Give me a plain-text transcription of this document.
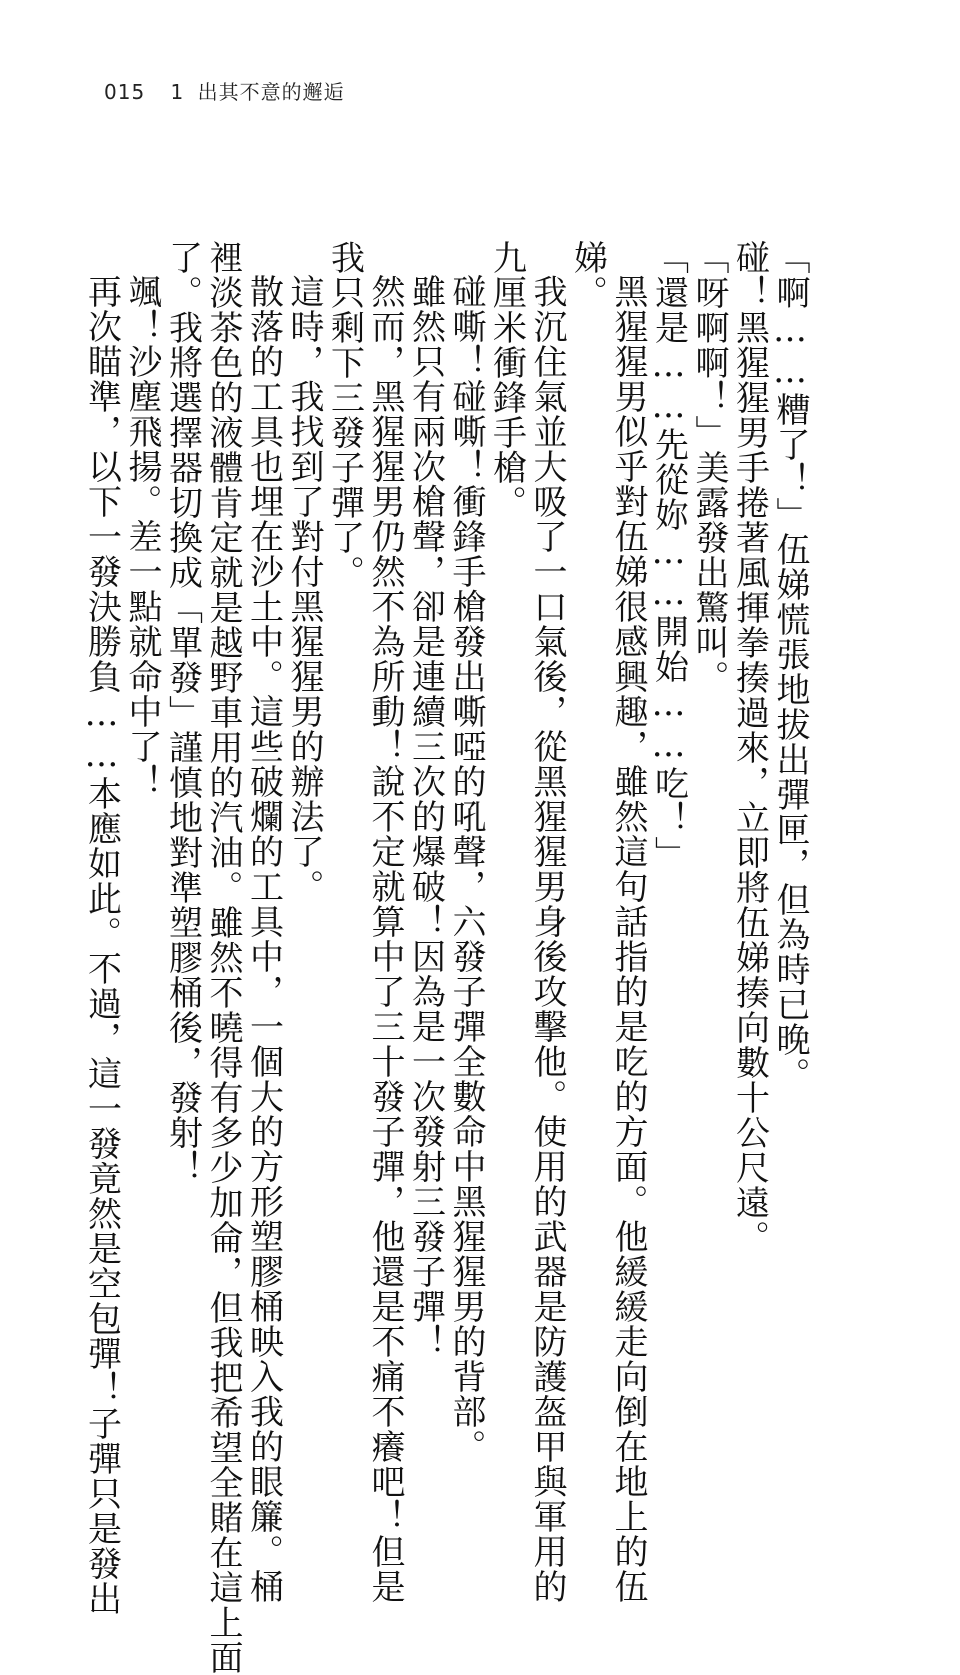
015 1 出其不意的邂逅
「啊……糟了！」伍娣慌張地拔出彈匣，但為時已晚。
碰！黑猩猩男手捲著風揮拳揍過來，立即將伍娣揍向數十公尺遠。
「呀啊啊！」美露發出驚叫。
「還是……先從妳……開始……吃！」
黑猩猩男似乎對伍娣很感興趣，雖然這句話指的是吃的方面。他緩緩走向倒在地上的伍
娣。
我沉住氣並大吸了一口氣後，從黑猩猩男身後攻擊他。使用的武器是防護盔甲與軍用的
九厘米衝鋒手槍。
碰嘶！碰嘶！衝鋒手槍發出嘶啞的吼聲，六發子彈全數命中黑猩猩男的背部。
雖然只有兩次槍聲，卻是連續三次的爆破！因為是一次發射三發子彈！
然而，黑猩猩男仍然不為所動！說不定就算中了三十發子彈，他還是不痛不癢吧！但是
我只剩下三發子彈了。
這時，我找到了對付黑猩猩男的辦法了。
散落的工具也埋在沙土中。這些破爛的工具中，一個大的方形塑膠桶映入我的眼簾。桶
裡淡茶色的液體肯定就是越野車用的汽油。雖然不曉得有多少加侖，但我把希望全賭在這上面
了。我將選擇器切換成「單發」謹慎地對準塑膠桶後，發射！
颯！沙塵飛揚。差一點就命中了！
再次瞄準，以下一發決勝負……本應如此。不過，這一發竟然是空包彈！子彈只是發出
